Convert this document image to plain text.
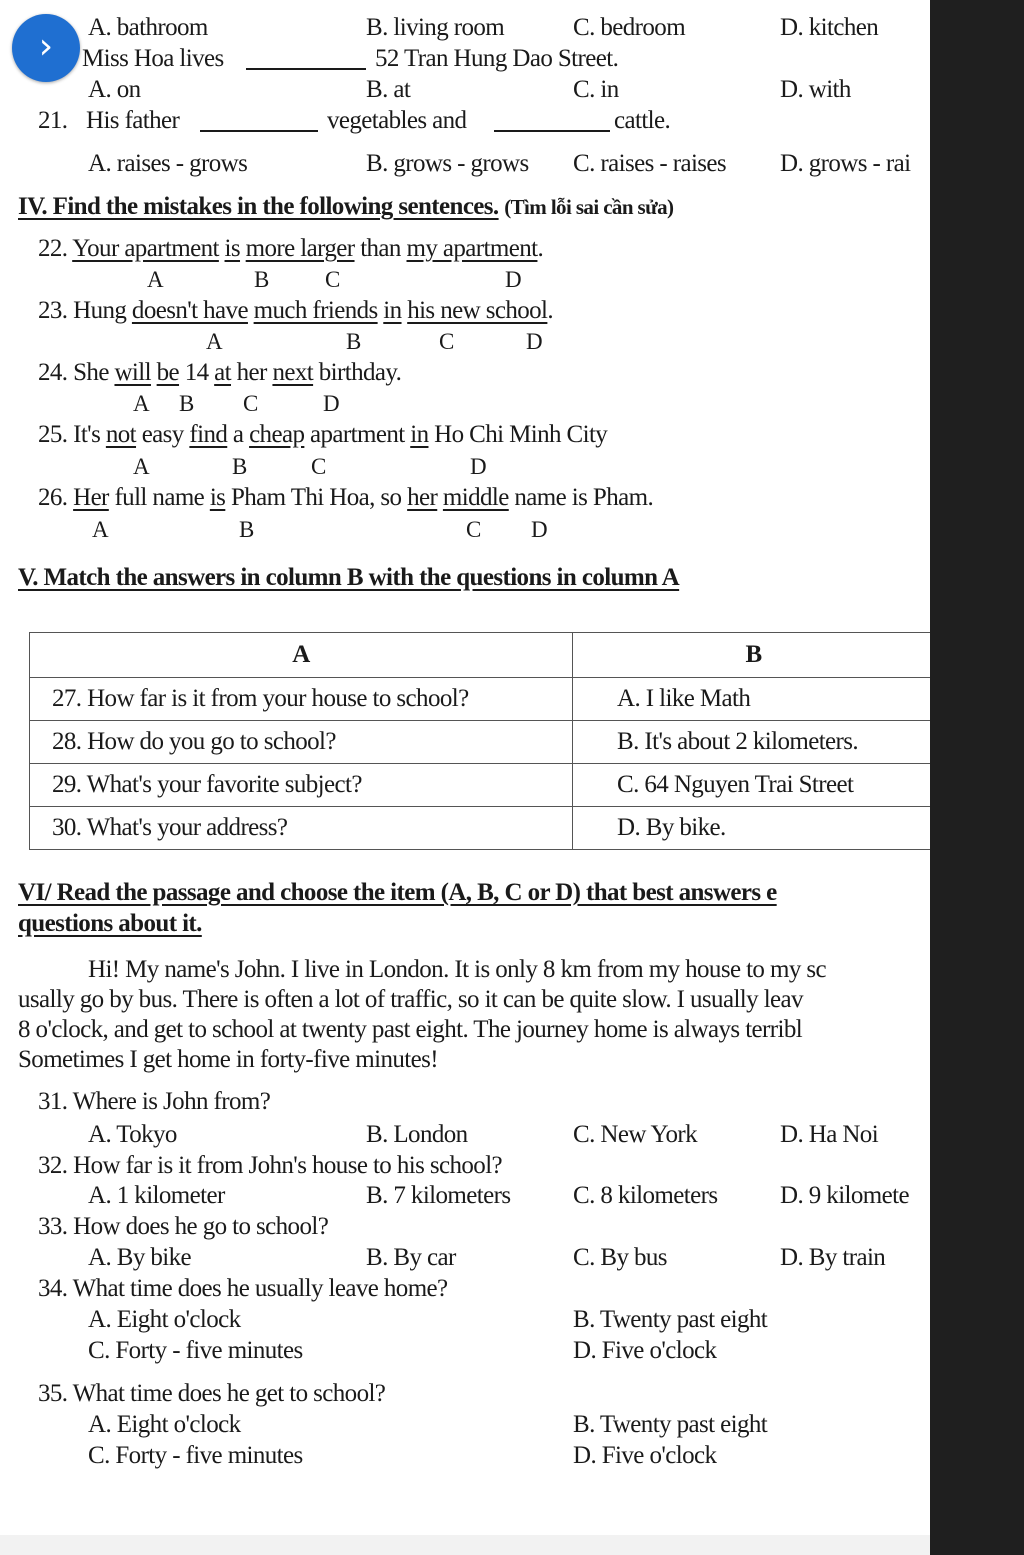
A. bathroom	B. living room	C. bedroom	D. kitchen
Miss Hoa lives	52 Tran Hung Dao Street.
A. on	B. at	C. in	D. with
21. His father	vegetables and	cattle.
A. raises - grows	B. grows - grows C. raises - raises D. grows - rai
IV. Find the mistakes in the following sentences. (Tìm lỗi sai cần sửa)
22. Your apartment is more larger than my apartment.
A	B C	D
23. Hung doesn't have much friends in his new school.
A	B	C	D
24. She will be 14 at her next birthday.
A B C	D
25. It's not easy find a cheap apartment in Ho Chi Minh City
A	B	C	D
26. Her full name is Pham Thi Hoa, so her middle name is Pham.
A	B	C D
V. Match the answers in column B with the questions in column A
A	B
27. How far is it from your house to school?	A. I like Math
28. How do you go to school?	B. It's about 2 kilometers.
29. What's your favorite subject?	C. 64 Nguyen Trai Street
30. What's your address?	D. By bike.
VI/ Read the passage and choose the item (A, B, C or D) that best answers e
questions about it.
Hi! My name's John. I live in London. It is only 8 km from my house to my sc
usally go by bus. There is often a lot of traffic, so it can be quite slow. I usually leav
8 o'clock, and get to school at twenty past eight. The journey home is always terribl
Sometimes I get home in forty-five minutes!
31. Where is John from?
A. Tokyo	B. London	C. New York	D. Ha Noi
32. How far is it from John's house to his school?
A. 1 kilometer	B. 7 kilometers	C. 8 kilometers	D. 9 kilomete
33. How does he go to school?
A. By bike	B. By car	C. By bus	D. By train
34. What time does he usually leave home?
A. Eight o'clock	B. Twenty past eight
C. Forty - five minutes	D. Five o'clock
35. What time does he get to school?
A. Eight o'clock	B. Twenty past eight
C. Forty - five minutes	D. Five o'clock
›
